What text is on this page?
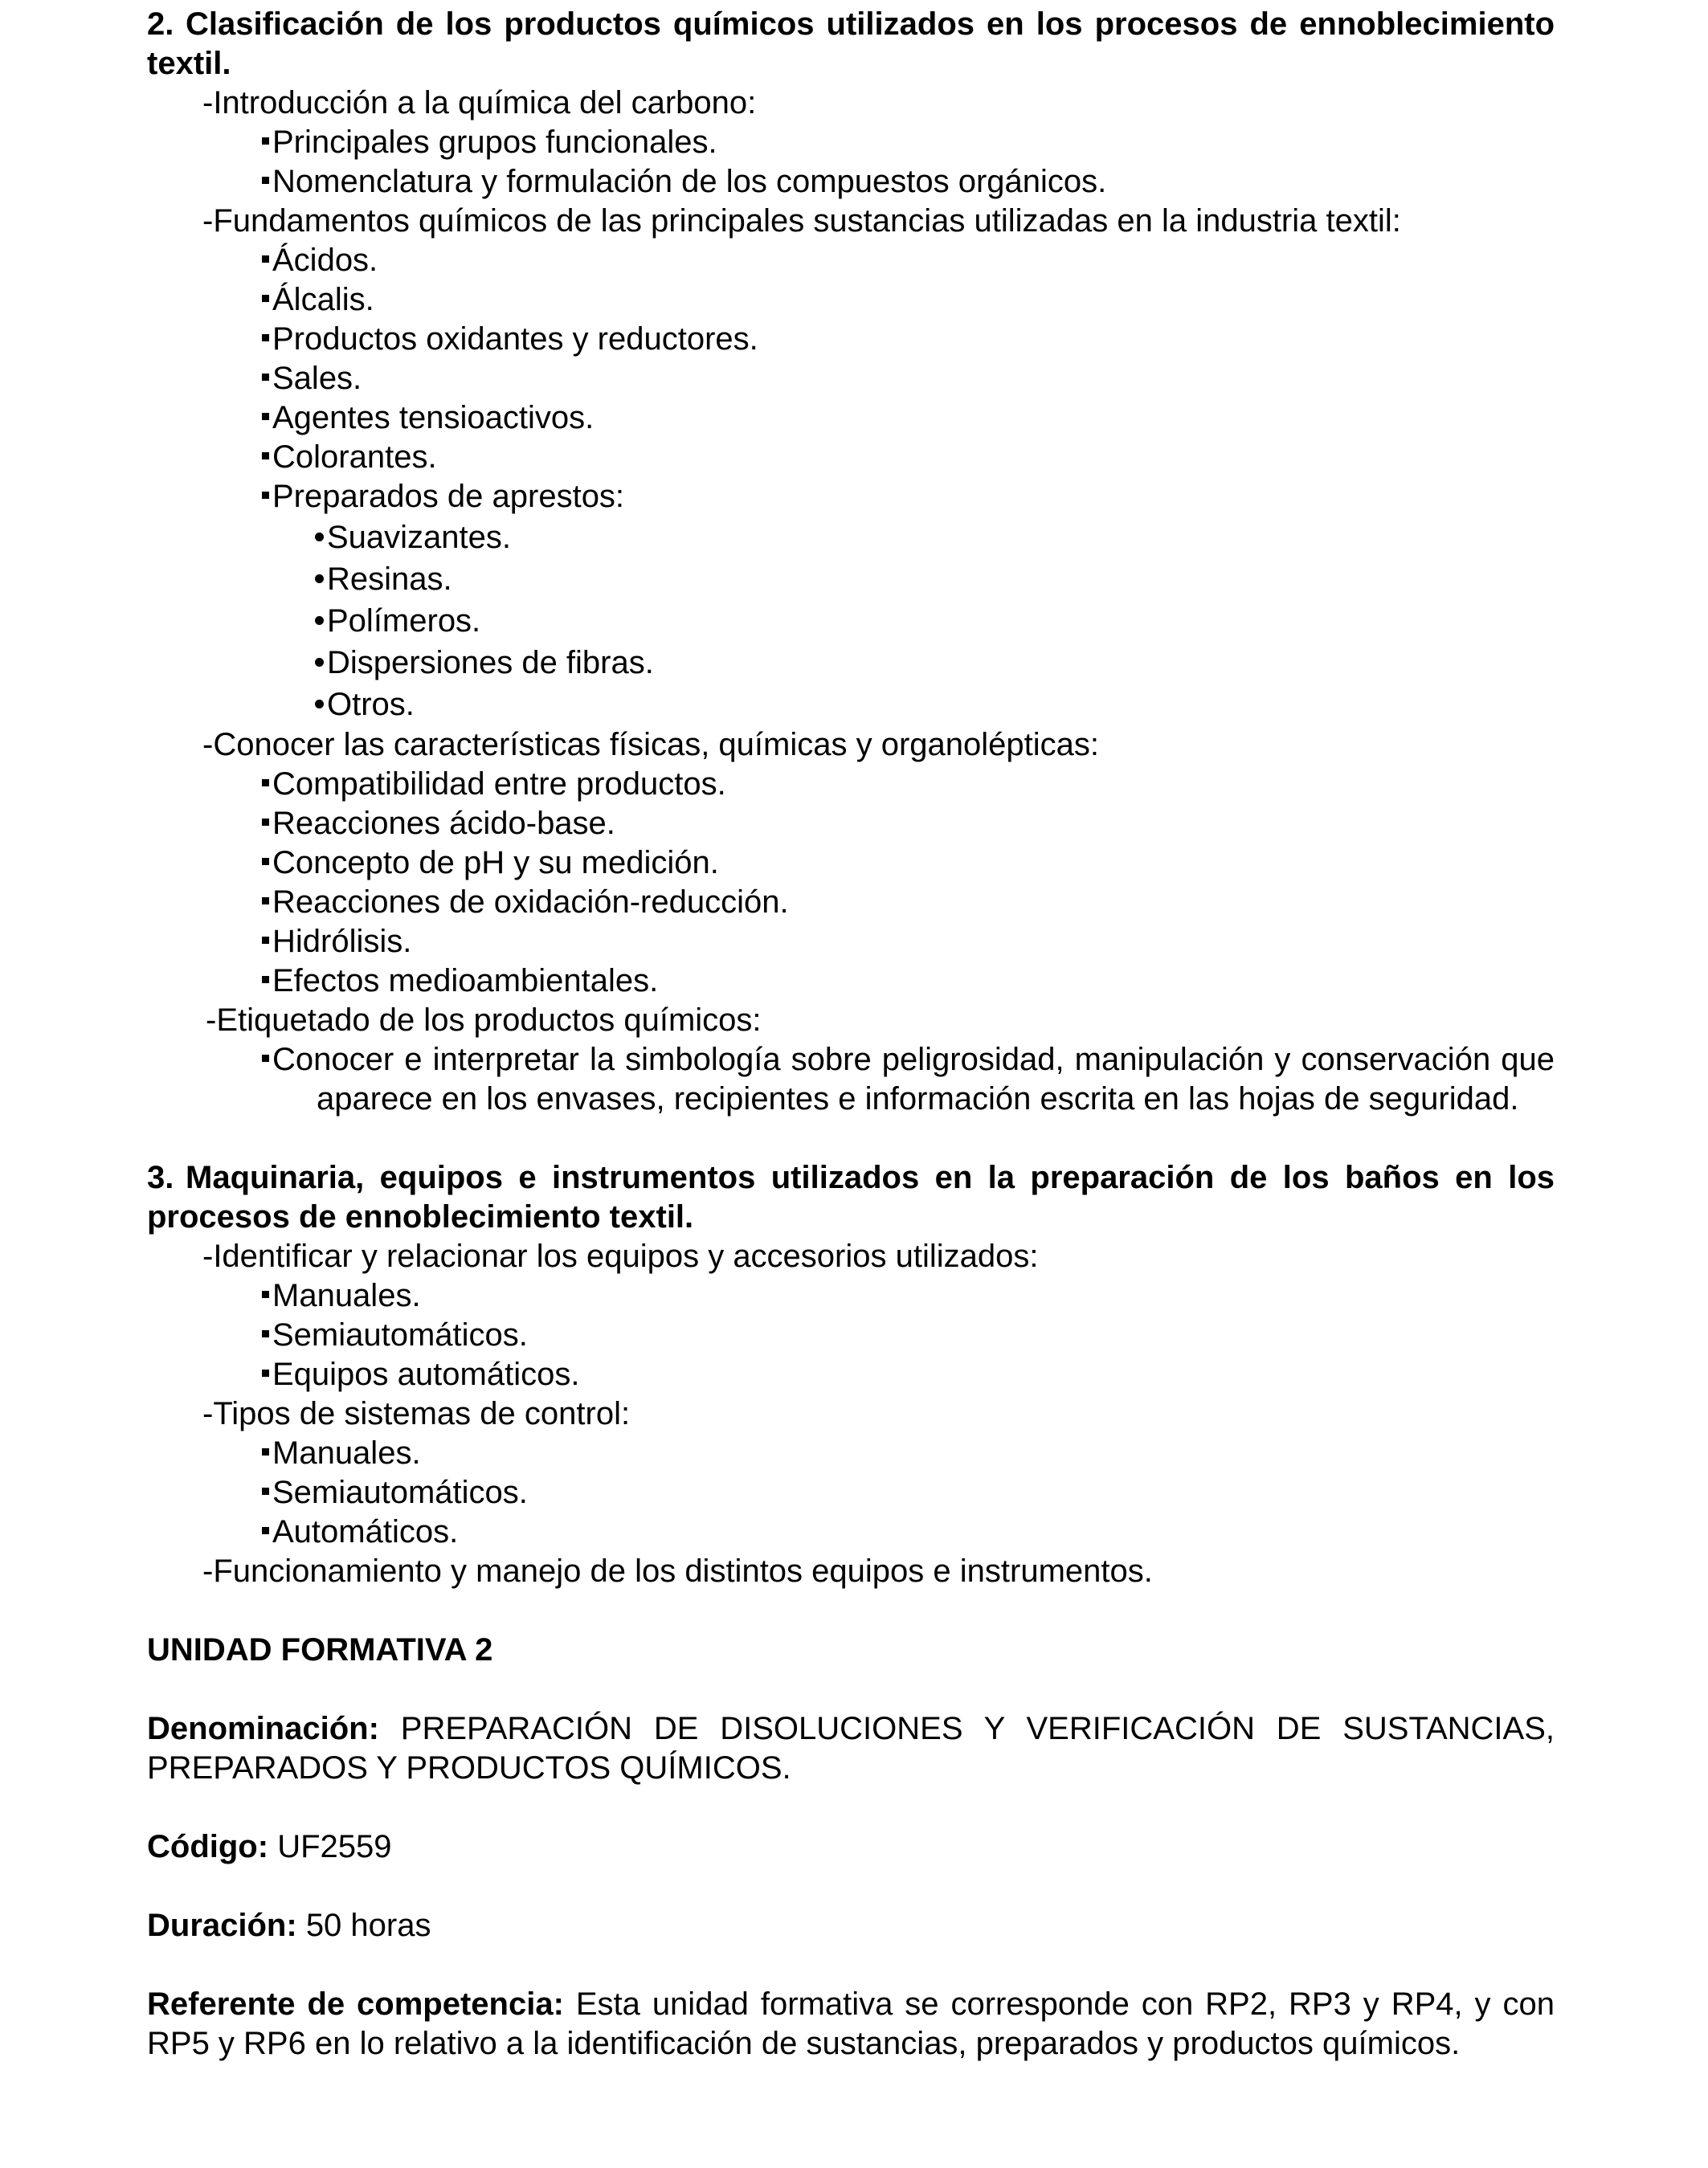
2. Clasificación de los productos químicos utilizados en los procesos de ennoblecimiento textil.
-Introducción a la química del carbono:
Principales grupos funcionales.
Nomenclatura y formulación de los compuestos orgánicos.
-Fundamentos químicos de las principales sustancias utilizadas en la industria textil:
Ácidos.
Álcalis.
Productos oxidantes y reductores.
Sales.
Agentes tensioactivos.
Colorantes.
Preparados de aprestos:
Suavizantes.
Resinas.
Polímeros.
Dispersiones de fibras.
Otros.
-Conocer las características físicas, químicas y organolépticas:
Compatibilidad entre productos.
Reacciones ácido-base.
Concepto de pH y su medición.
Reacciones de oxidación-reducción.
Hidrólisis.
Efectos medioambientales.
-Etiquetado de los productos químicos:
Conocer e interpretar la simbología sobre peligrosidad, manipulación y conservación que aparece en los envases, recipientes e información escrita en las hojas de seguridad.
3. Maquinaria, equipos e instrumentos utilizados en la preparación de los baños en los procesos de ennoblecimiento textil.
-Identificar y relacionar los equipos y accesorios utilizados:
Manuales.
Semiautomáticos.
Equipos automáticos.
-Tipos de sistemas de control:
Manuales.
Semiautomáticos.
Automáticos.
-Funcionamiento y manejo de los distintos equipos e instrumentos.
UNIDAD FORMATIVA 2
Denominación: PREPARACIÓN DE DISOLUCIONES Y VERIFICACIÓN DE SUSTANCIAS, PREPARADOS Y PRODUCTOS QUÍMICOS.
Código: UF2559
Duración: 50 horas
Referente de competencia: Esta unidad formativa se corresponde con RP2, RP3 y RP4, y con RP5 y RP6 en lo relativo a la identificación de sustancias, preparados y productos químicos.
